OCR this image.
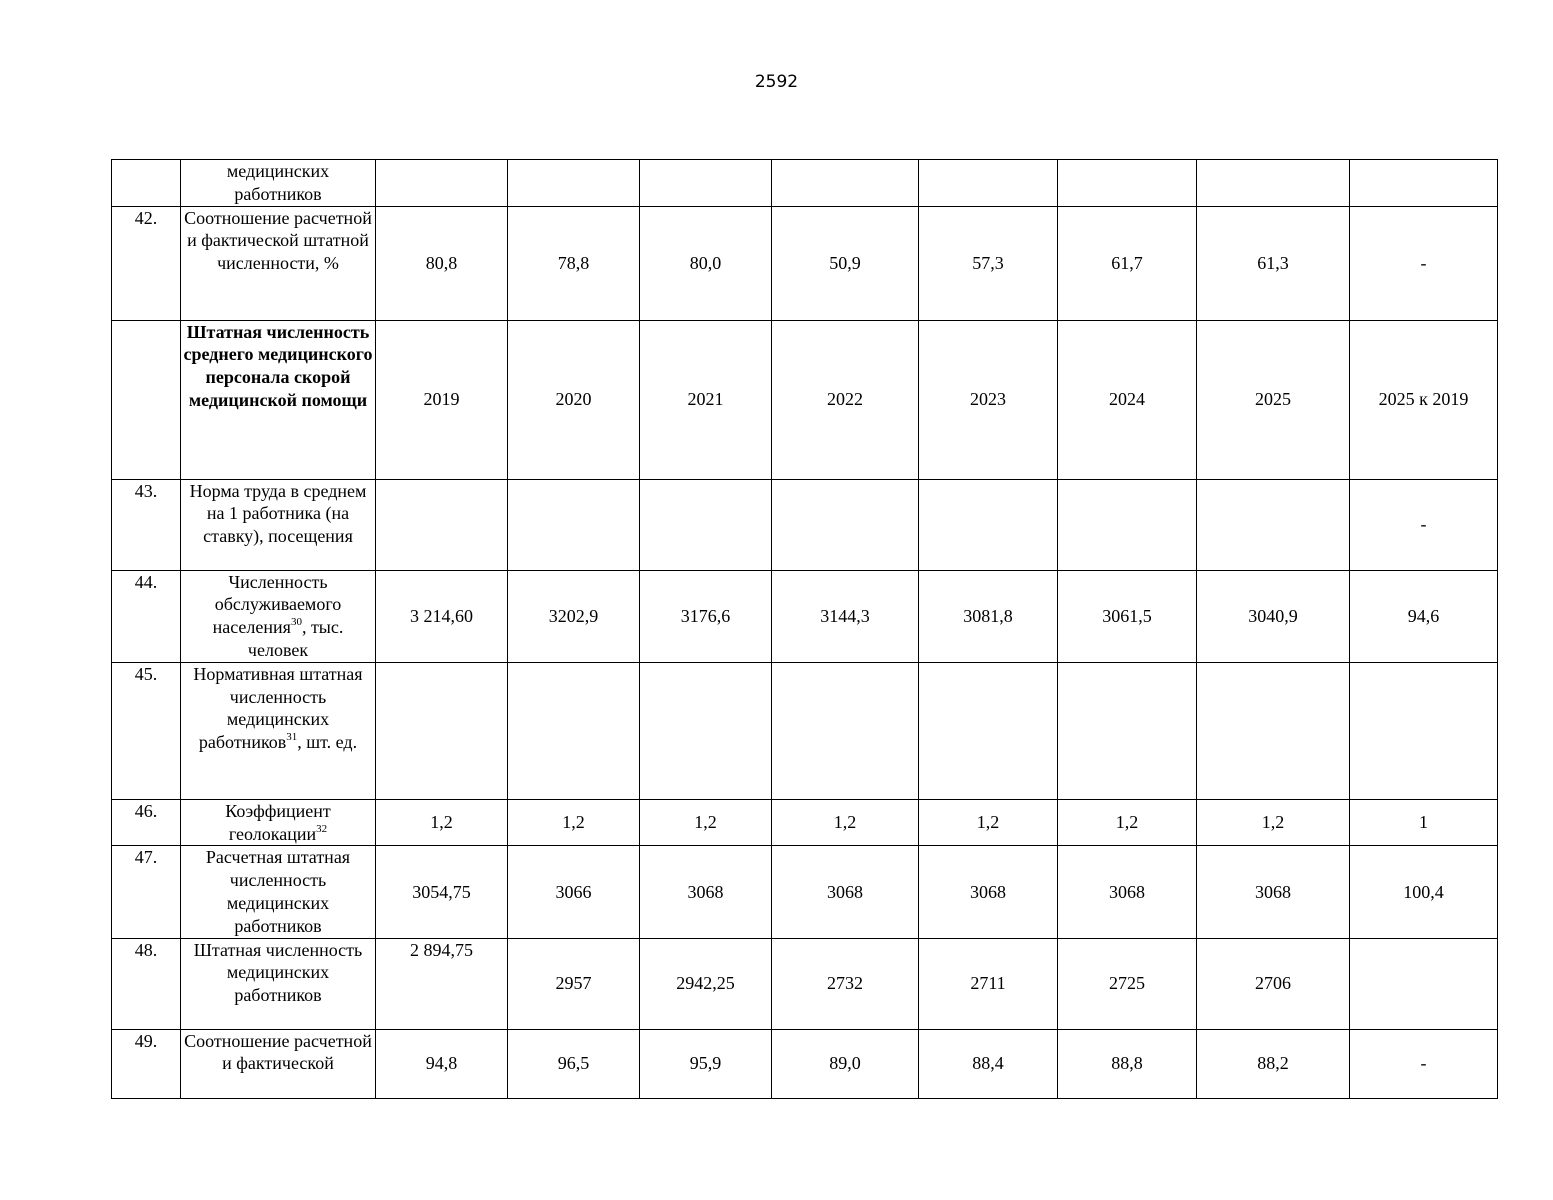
2592
	медицинских работников								
42.	Соотношение расчетной и фактической штатной численности, %	80,8	78,8	80,0	50,9	57,3	61,7	61,3	-
	Штатная численность среднего медицинского персонала скорой медицинской помощи	2019	2020	2021	2022	2023	2024	2025	2025 к 2019
43.	Норма труда в среднем на 1 работника (на ставку), посещения								-
44.	Численность обслуживаемого населения$^{30}$, тыс. человек	3 214,60	3202,9	3176,6	3144,3	3081,8	3061,5	3040,9	94,6
45.	Нормативная штатная численность медицинских работников$^{31}$, шт. ед.								
46.	Коэффициент геолокации$^{32}$	1,2	1,2	1,2	1,2	1,2	1,2	1,2	1
47.	Расчетная штатная численность медицинских работников	3054,75	3066	3068	3068	3068	3068	3068	100,4
48.	Штатная численность медицинских работников	2 894,75	2957	2942,25	2732	2711	2725	2706	
49.	Соотношение расчетной и фактической	94,8	96,5	95,9	89,0	88,4	88,8	88,2	-
